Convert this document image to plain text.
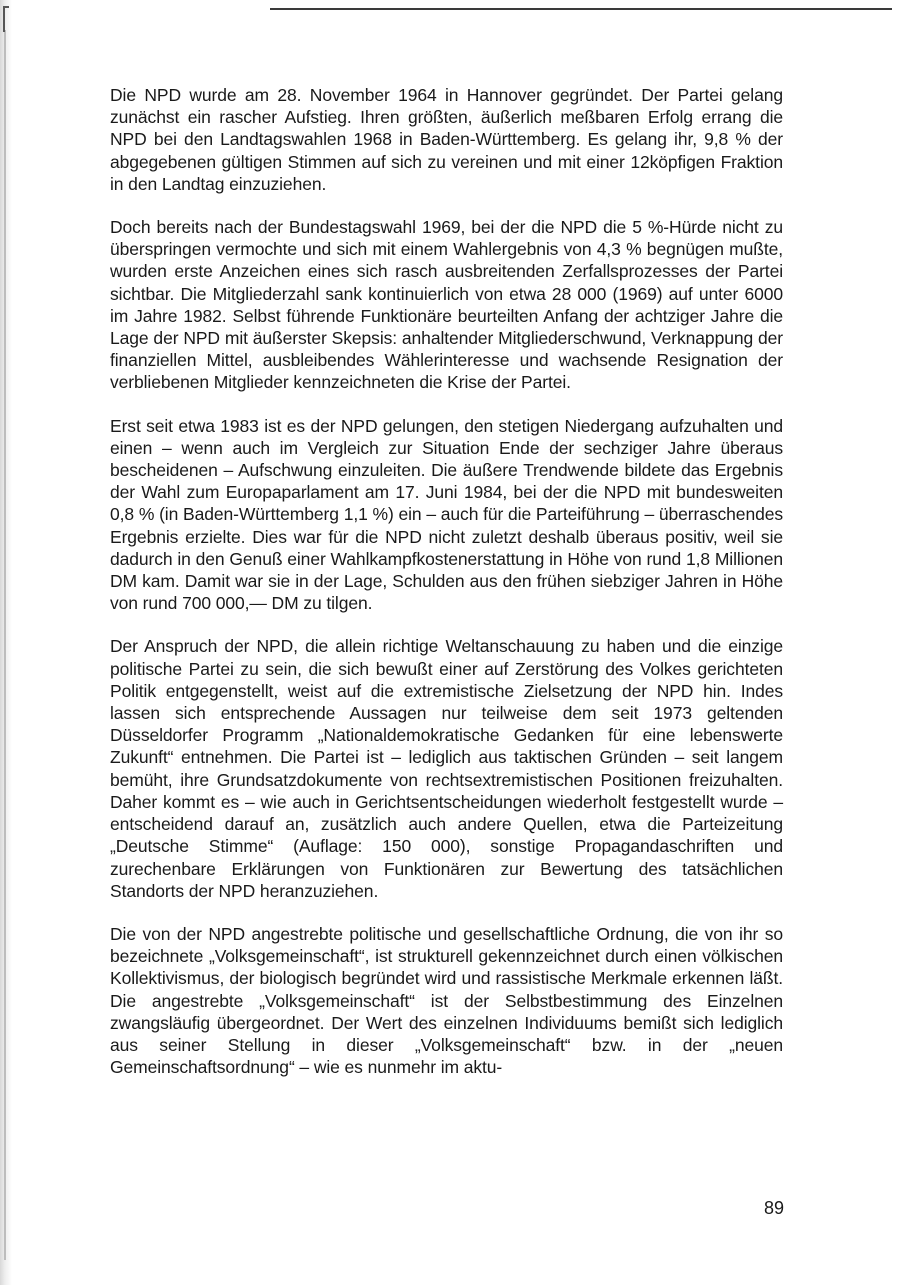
Die NPD wurde am 28. November 1964 in Hannover gegründet. Der Partei gelang zunächst ein rascher Aufstieg. Ihren größten, äußerlich meßbaren Erfolg errang die NPD bei den Landtagswahlen 1968 in Baden-Württemberg. Es gelang ihr, 9,8 % der abgegebenen gültigen Stimmen auf sich zu vereinen und mit einer 12köpfigen Fraktion in den Landtag einzuziehen.

Doch bereits nach der Bundestagswahl 1969, bei der die NPD die 5 %-Hürde nicht zu überspringen vermochte und sich mit einem Wahlergebnis von 4,3 % begnügen mußte, wurden erste Anzeichen eines sich rasch ausbreitenden Zerfallsprozesses der Partei sichtbar. Die Mitgliederzahl sank kontinuierlich von etwa 28 000 (1969) auf unter 6000 im Jahre 1982. Selbst führende Funktionäre beurteilten Anfang der achtziger Jahre die Lage der NPD mit äußerster Skepsis: anhaltender Mitgliederschwund, Verknappung der finanziellen Mittel, ausbleibendes Wählerinteresse und wachsende Resignation der verbliebenen Mitglieder kennzeichneten die Krise der Partei.

Erst seit etwa 1983 ist es der NPD gelungen, den stetigen Niedergang aufzuhalten und einen – wenn auch im Vergleich zur Situation Ende der sechziger Jahre überaus bescheidenen – Aufschwung einzuleiten. Die äußere Trendwende bildete das Ergebnis der Wahl zum Europaparlament am 17. Juni 1984, bei der die NPD mit bundesweiten 0,8 % (in Baden-Württemberg 1,1 %) ein – auch für die Parteiführung – überraschendes Ergebnis erzielte. Dies war für die NPD nicht zuletzt deshalb überaus positiv, weil sie dadurch in den Genuß einer Wahlkampfkostenerstattung in Höhe von rund 1,8 Millionen DM kam. Damit war sie in der Lage, Schulden aus den frühen siebziger Jahren in Höhe von rund 700 000,— DM zu tilgen.

Der Anspruch der NPD, die allein richtige Weltanschauung zu haben und die einzige politische Partei zu sein, die sich bewußt einer auf Zerstörung des Volkes gerichteten Politik entgegenstellt, weist auf die extremistische Zielsetzung der NPD hin. Indes lassen sich entsprechende Aussagen nur teilweise dem seit 1973 geltenden Düsseldorfer Programm „Nationaldemokratische Gedanken für eine lebenswerte Zukunft“ entnehmen. Die Partei ist – lediglich aus taktischen Gründen – seit langem bemüht, ihre Grundsatzdokumente von rechtsextremistischen Positionen freizuhalten. Daher kommt es – wie auch in Gerichtsentscheidungen wiederholt festgestellt wurde – entscheidend darauf an, zusätzlich auch andere Quellen, etwa die Parteizeitung „Deutsche Stimme“ (Auflage: 150 000), sonstige Propagandaschriften und zurechenbare Erklärungen von Funktionären zur Bewertung des tatsächlichen Standorts der NPD heranzuziehen.

Die von der NPD angestrebte politische und gesellschaftliche Ordnung, die von ihr so bezeichnete „Volksgemeinschaft“, ist strukturell gekennzeichnet durch einen völkischen Kollektivismus, der biologisch begründet wird und rassistische Merkmale erkennen läßt. Die angestrebte „Volksgemeinschaft“ ist der Selbstbestimmung des Einzelnen zwangsläufig übergeordnet. Der Wert des einzelnen Individuums bemißt sich lediglich aus seiner Stellung in dieser „Volksgemeinschaft“ bzw. in der „neuen Gemeinschaftsordnung“ – wie es nunmehr im aktu-

89
